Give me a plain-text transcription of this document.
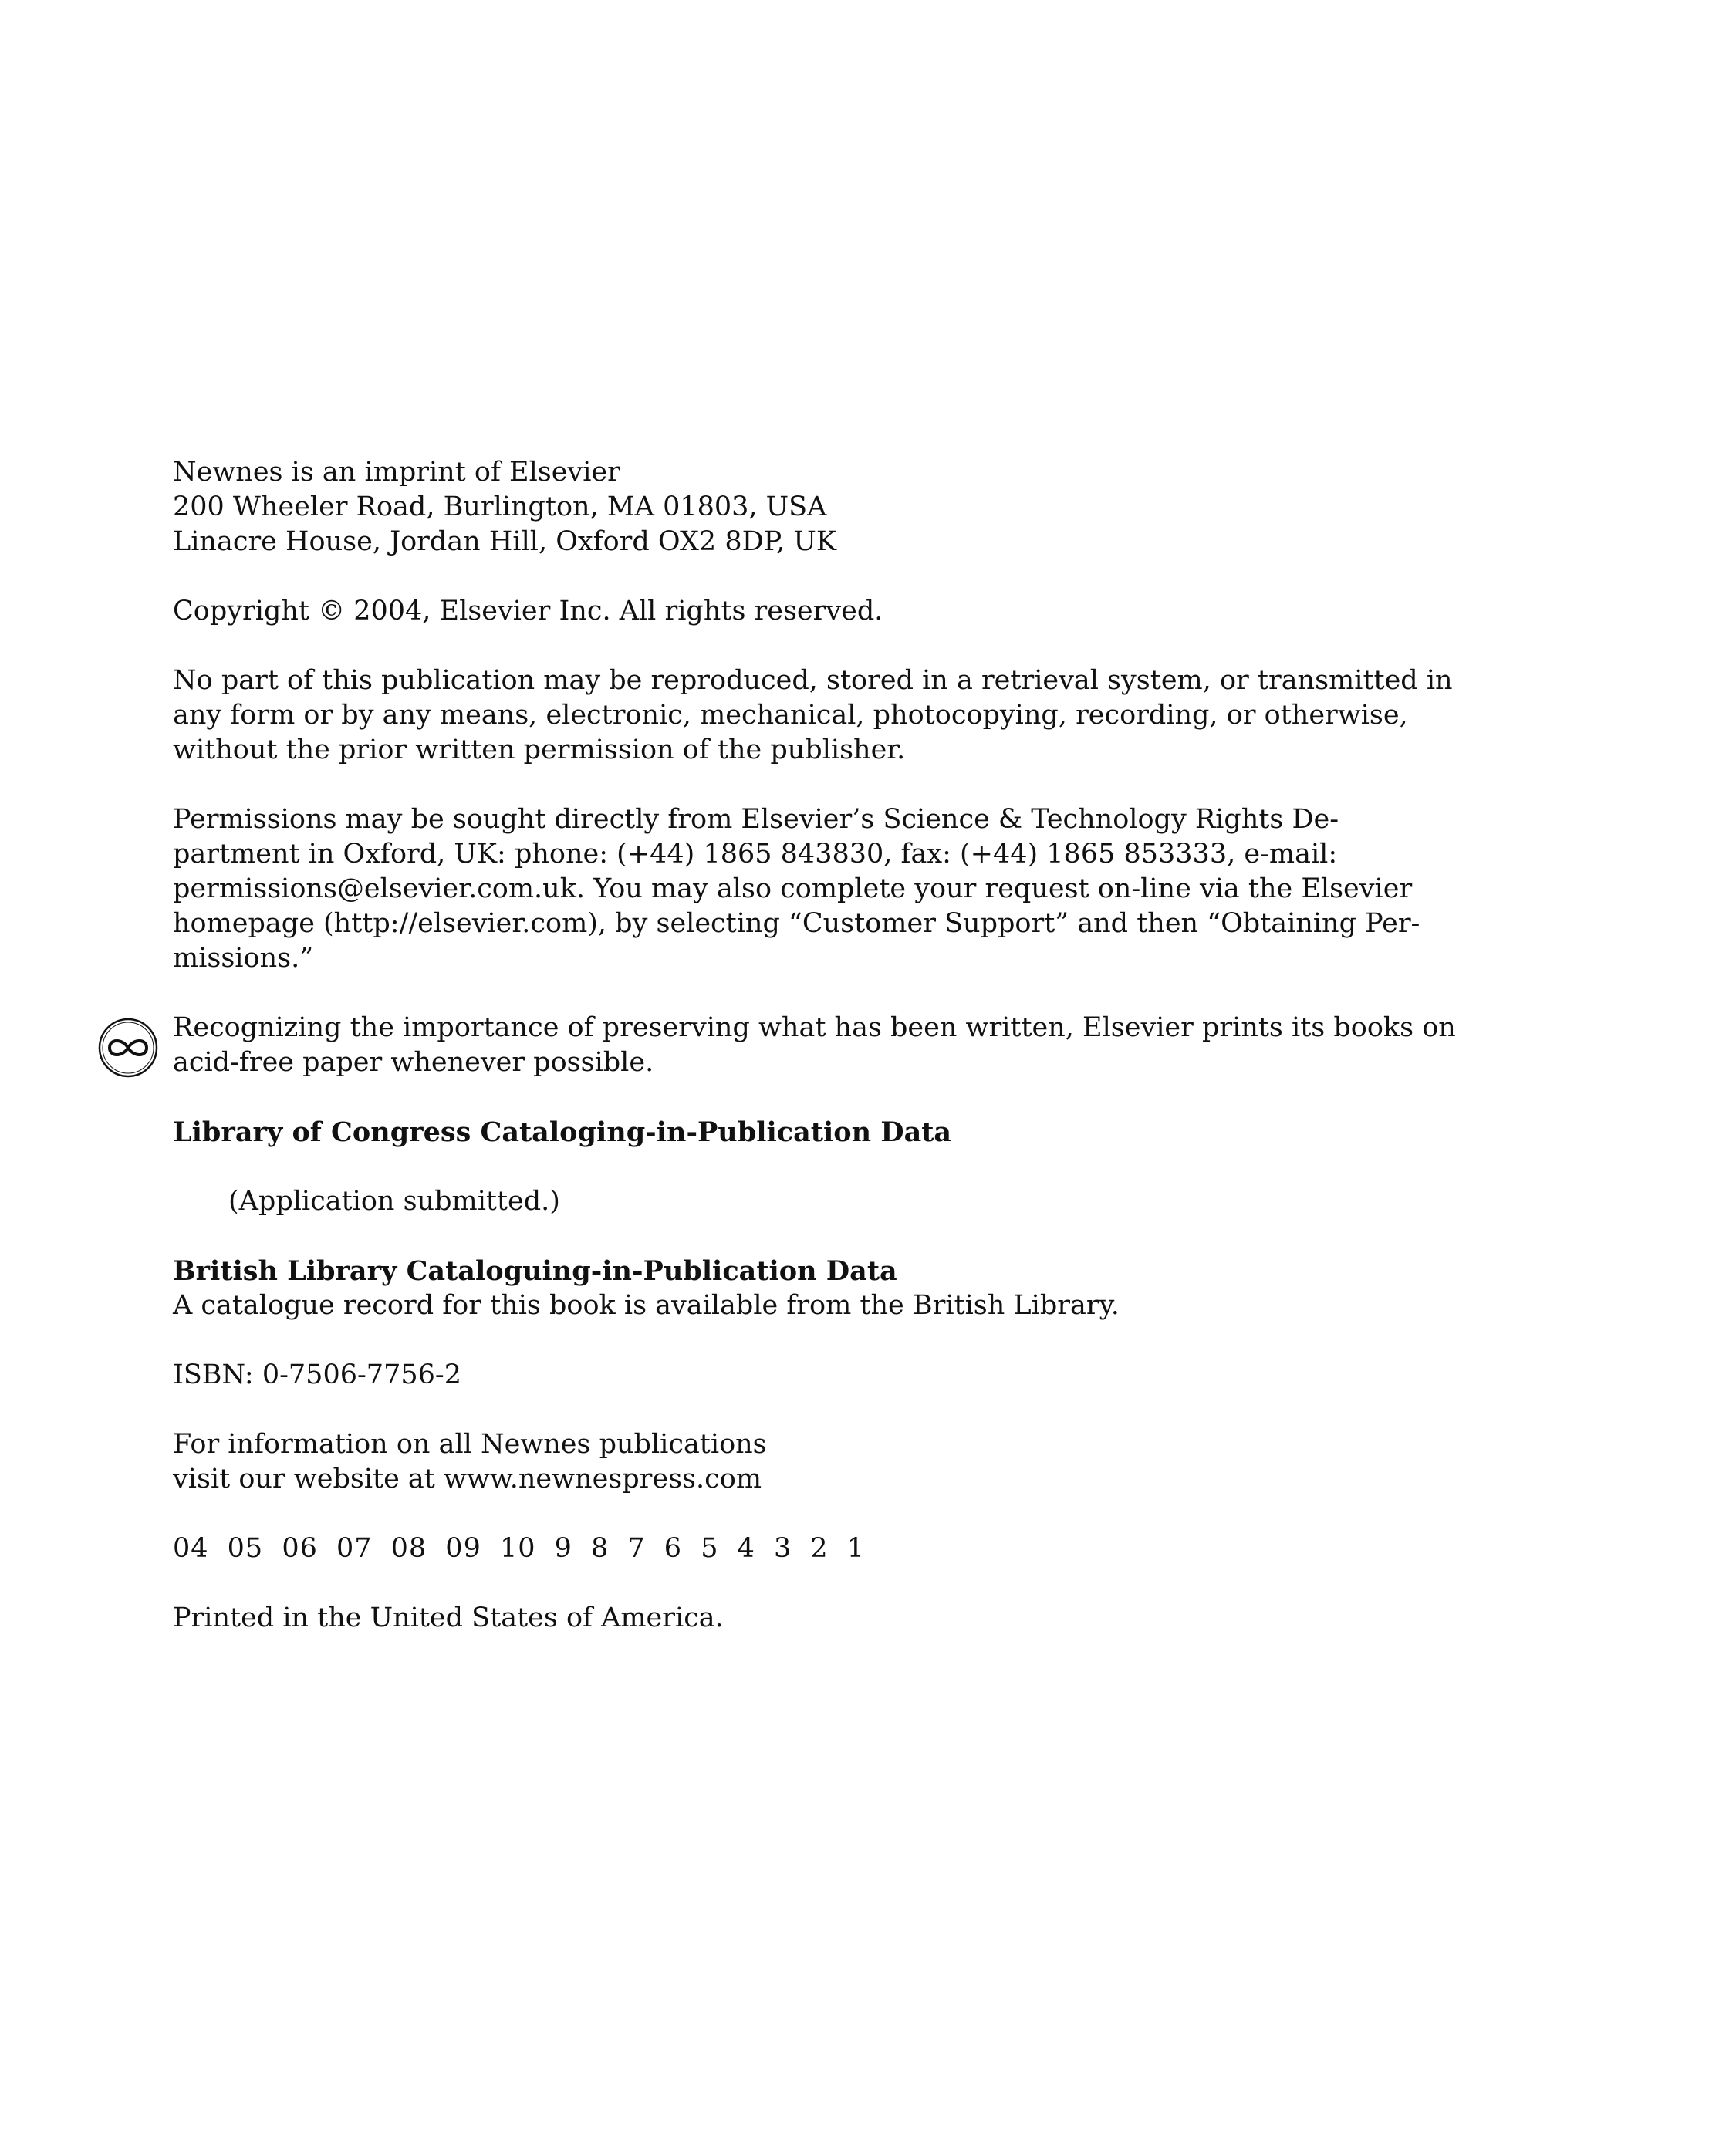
Newnes is an imprint of Elsevier
200 Wheeler Road, Burlington, MA 01803, USA
Linacre House, Jordan Hill, Oxford OX2 8DP, UK
Copyright © 2004, Elsevier Inc. All rights reserved.
No part of this publication may be reproduced, stored in a retrieval system, or transmitted in
any form or by any means, electronic, mechanical, photocopying, recording, or otherwise,
without the prior written permission of the publisher.
Permissions may be sought directly from Elsevier’s Science & Technology Rights De-
partment in Oxford, UK: phone: (+44) 1865 843830, fax: (+44) 1865 853333, e-mail:
permissions@elsevier.com.uk. You may also complete your request on-line via the Elsevier
homepage (http://elsevier.com), by selecting “Customer Support” and then “Obtaining Per-
missions.”
Recognizing the importance of preserving what has been written, Elsevier prints its books on
acid-free paper whenever possible.
Library of Congress Cataloging-in-Publication Data
(Application submitted.)
British Library Cataloguing-in-Publication Data
A catalogue record for this book is available from the British Library.
ISBN: 0-7506-7756-2
For information on all Newnes publications
visit our website at www.newnespress.com
04 05 06 07 08 09 10 9 8 7 6 5 4 3 2 1
Printed in the United States of America.
